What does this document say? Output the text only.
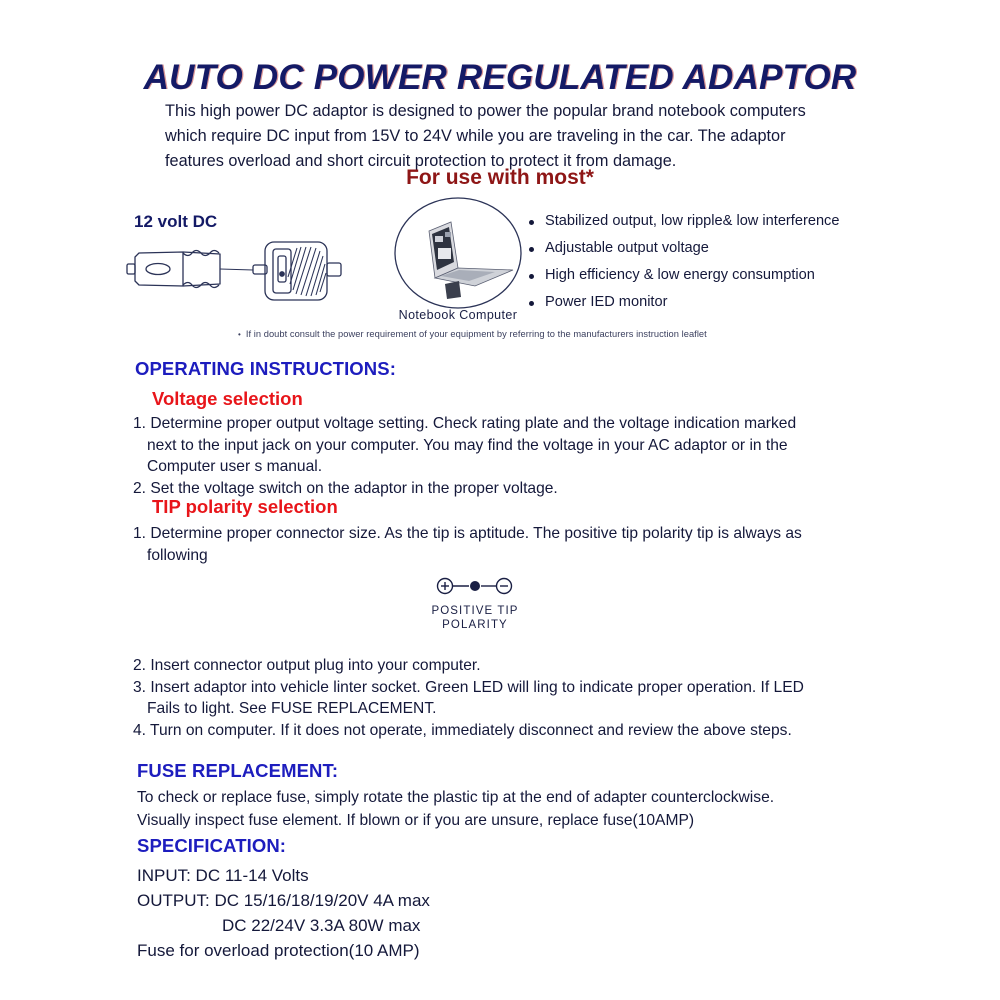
AUTO DC POWER REGULATED ADAPTOR
This high power DC adaptor is designed to power the popular brand notebook computers
which require DC input from 15V to 24V while you are traveling in the car. The adaptor
features overload and short circuit protection to protect it from damage.
For use with most*
12 volt DC
Notebook Computer
Stabilized output, low ripple& low interference
Adjustable output voltage
High efficiency & low energy consumption
Power IED monitor
• If in doubt consult the power requirement of your equipment by referring to the manufacturers instruction leaflet
OPERATING INSTRUCTIONS:
Voltage selection
1. Determine proper output voltage setting. Check rating plate and the voltage indication marked
next to the input jack on your computer. You may find the voltage in your AC adaptor or in the
Computer user s manual.
2. Set the voltage switch on the adaptor in the proper voltage.
TIP polarity selection
1. Determine proper connector size. As the tip is aptitude. The positive tip polarity tip is always as
following
POSITIVE TIP
POLARITY
2. Insert connector output plug into your computer.
3. Insert adaptor into vehicle linter socket. Green LED will ling to indicate proper operation. If LED
Fails to light. See FUSE REPLACEMENT.
4. Turn on computer. If it does not operate, immediately disconnect and review the above steps.
FUSE REPLACEMENT:
To check or replace fuse, simply rotate the plastic tip at the end of adapter counterclockwise.
Visually inspect fuse element. If blown or if you are unsure, replace fuse(10AMP)
SPECIFICATION:
INPUT: DC 11-14 Volts
OUTPUT: DC 15/16/18/19/20V 4A max
DC 22/24V 3.3A 80W max
Fuse for overload protection(10 AMP)
